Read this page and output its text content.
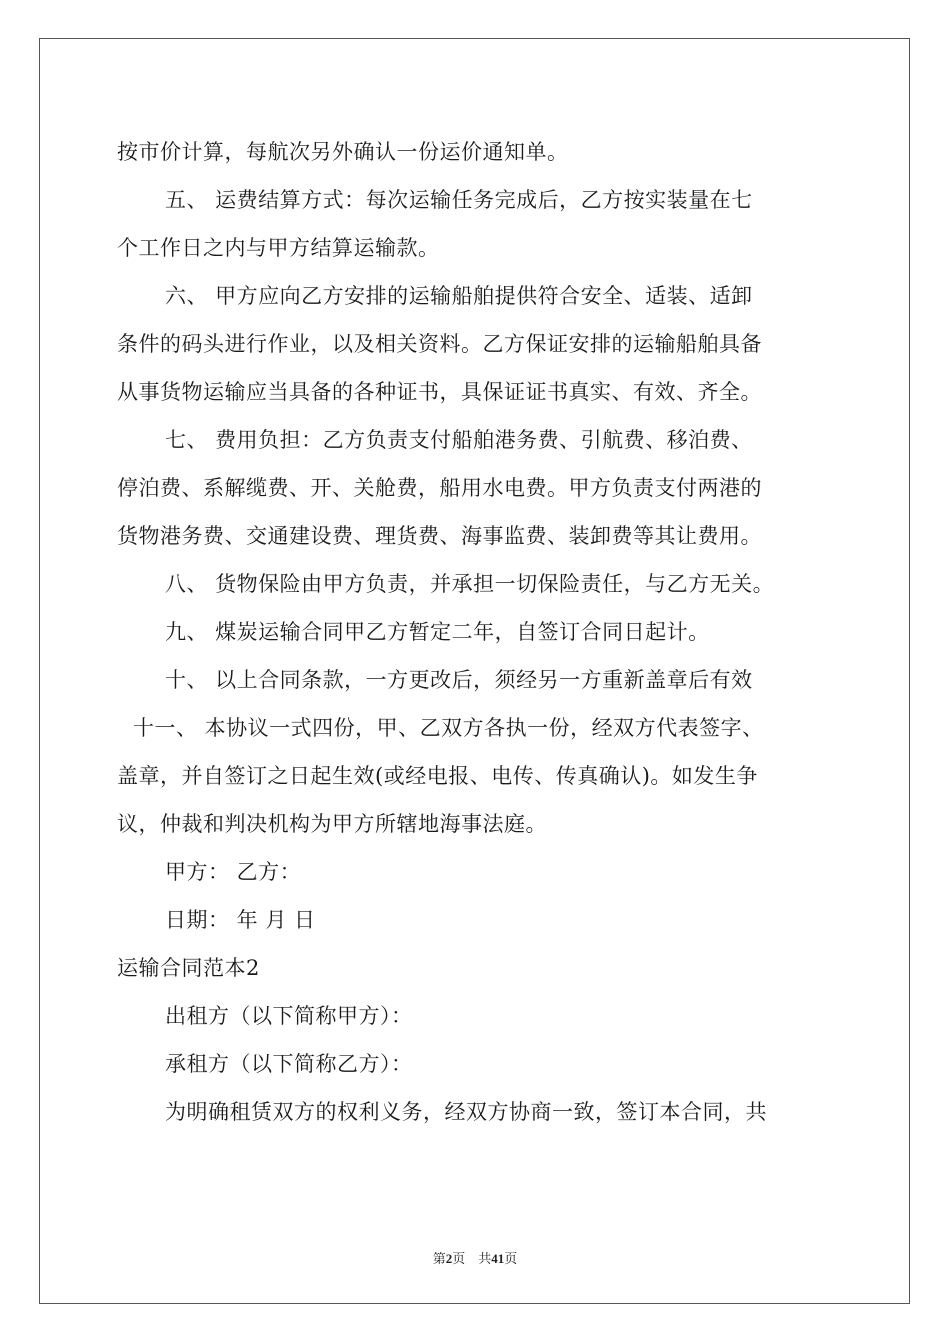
按市价计算，每航次另外确认一份运价通知单。
五、 运费结算方式：每次运输任务完成后，乙方按实装量在七
个工作日之内与甲方结算运输款。
六、 甲方应向乙方安排的运输船舶提供符合安全、适装、适卸
条件的码头进行作业，以及相关资料。乙方保证安排的运输船舶具备
从事货物运输应当具备的各种证书，具保证证书真实、有效、齐全。
七、 费用负担：乙方负责支付船舶港务费、引航费、移泊费、
停泊费、系解缆费、开、关舱费，船用水电费。甲方负责支付两港的
货物港务费、交通建设费、理货费、海事监费、装卸费等其让费用。
八、 货物保险由甲方负责，并承担一切保险责任，与乙方无关。
九、 煤炭运输合同甲乙方暂定二年，自签订合同日起计。
十、 以上合同条款，一方更改后，须经另一方重新盖章后有效
十一、 本协议一式四份，甲、乙双方各执一份，经双方代表签字、
盖章，并自签订之日起生效(或经电报、电传、传真确认)。如发生争
议，仲裁和判决机构为甲方所辖地海事法庭。
甲方： 乙方：
日期： 年 月 日
运输合同范本2
出租方（以下简称甲方）：
承租方（以下简称乙方）：
为明确租赁双方的权利义务，经双方协商一致，签订本合同，共
第2页 共41页
